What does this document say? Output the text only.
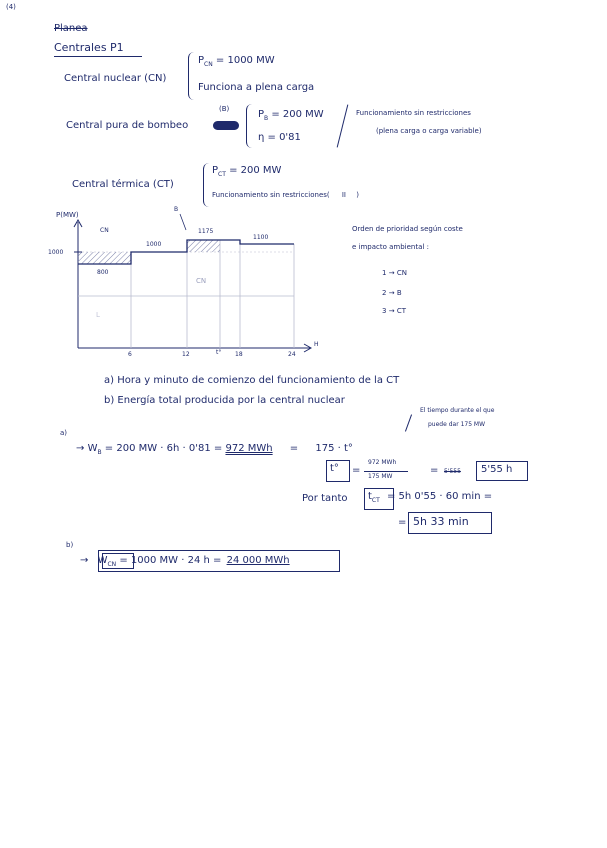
(4)
Planea
Centrales P1
Central nuclear (CN)
$P_{CN} = 1000$ MW
Funciona a plena carga
Central pura de bombeo
(B)	$P_B = 200$ MW
η = 0'81
Funcionamiento sin restricciones
(plena carga o carga variable)
Central térmica (CT)
$P_{CT} = 200$ MW
Funcionamiento sin restricciones( II )
P(MW)
1000
H
6	12	t° 18	24
CN
B
800
1000
1175
1100
CN
L
Orden de prioridad según coste
e impacto ambiental :
1 → CN
2 → B
3 → CT
a) Hora y minuto de comienzo del funcionamiento de la CT
b) Energía total producida por la central nuclear
a)
El tiempo durante el que
puede dar 175 MW
→ $W_B = 200$ MW · 6h · 0'81 = 972 MWh = 175 · t°
t° =
972 MWh
175 MW
= 5'555 5'55 h
Por tanto $t_{CT} = 5h$ 0'55 · 60 min =
= 5h 33 min
b)
→ $W_{CN} = 1000$ MW · 24 h = 24 000 MWh
